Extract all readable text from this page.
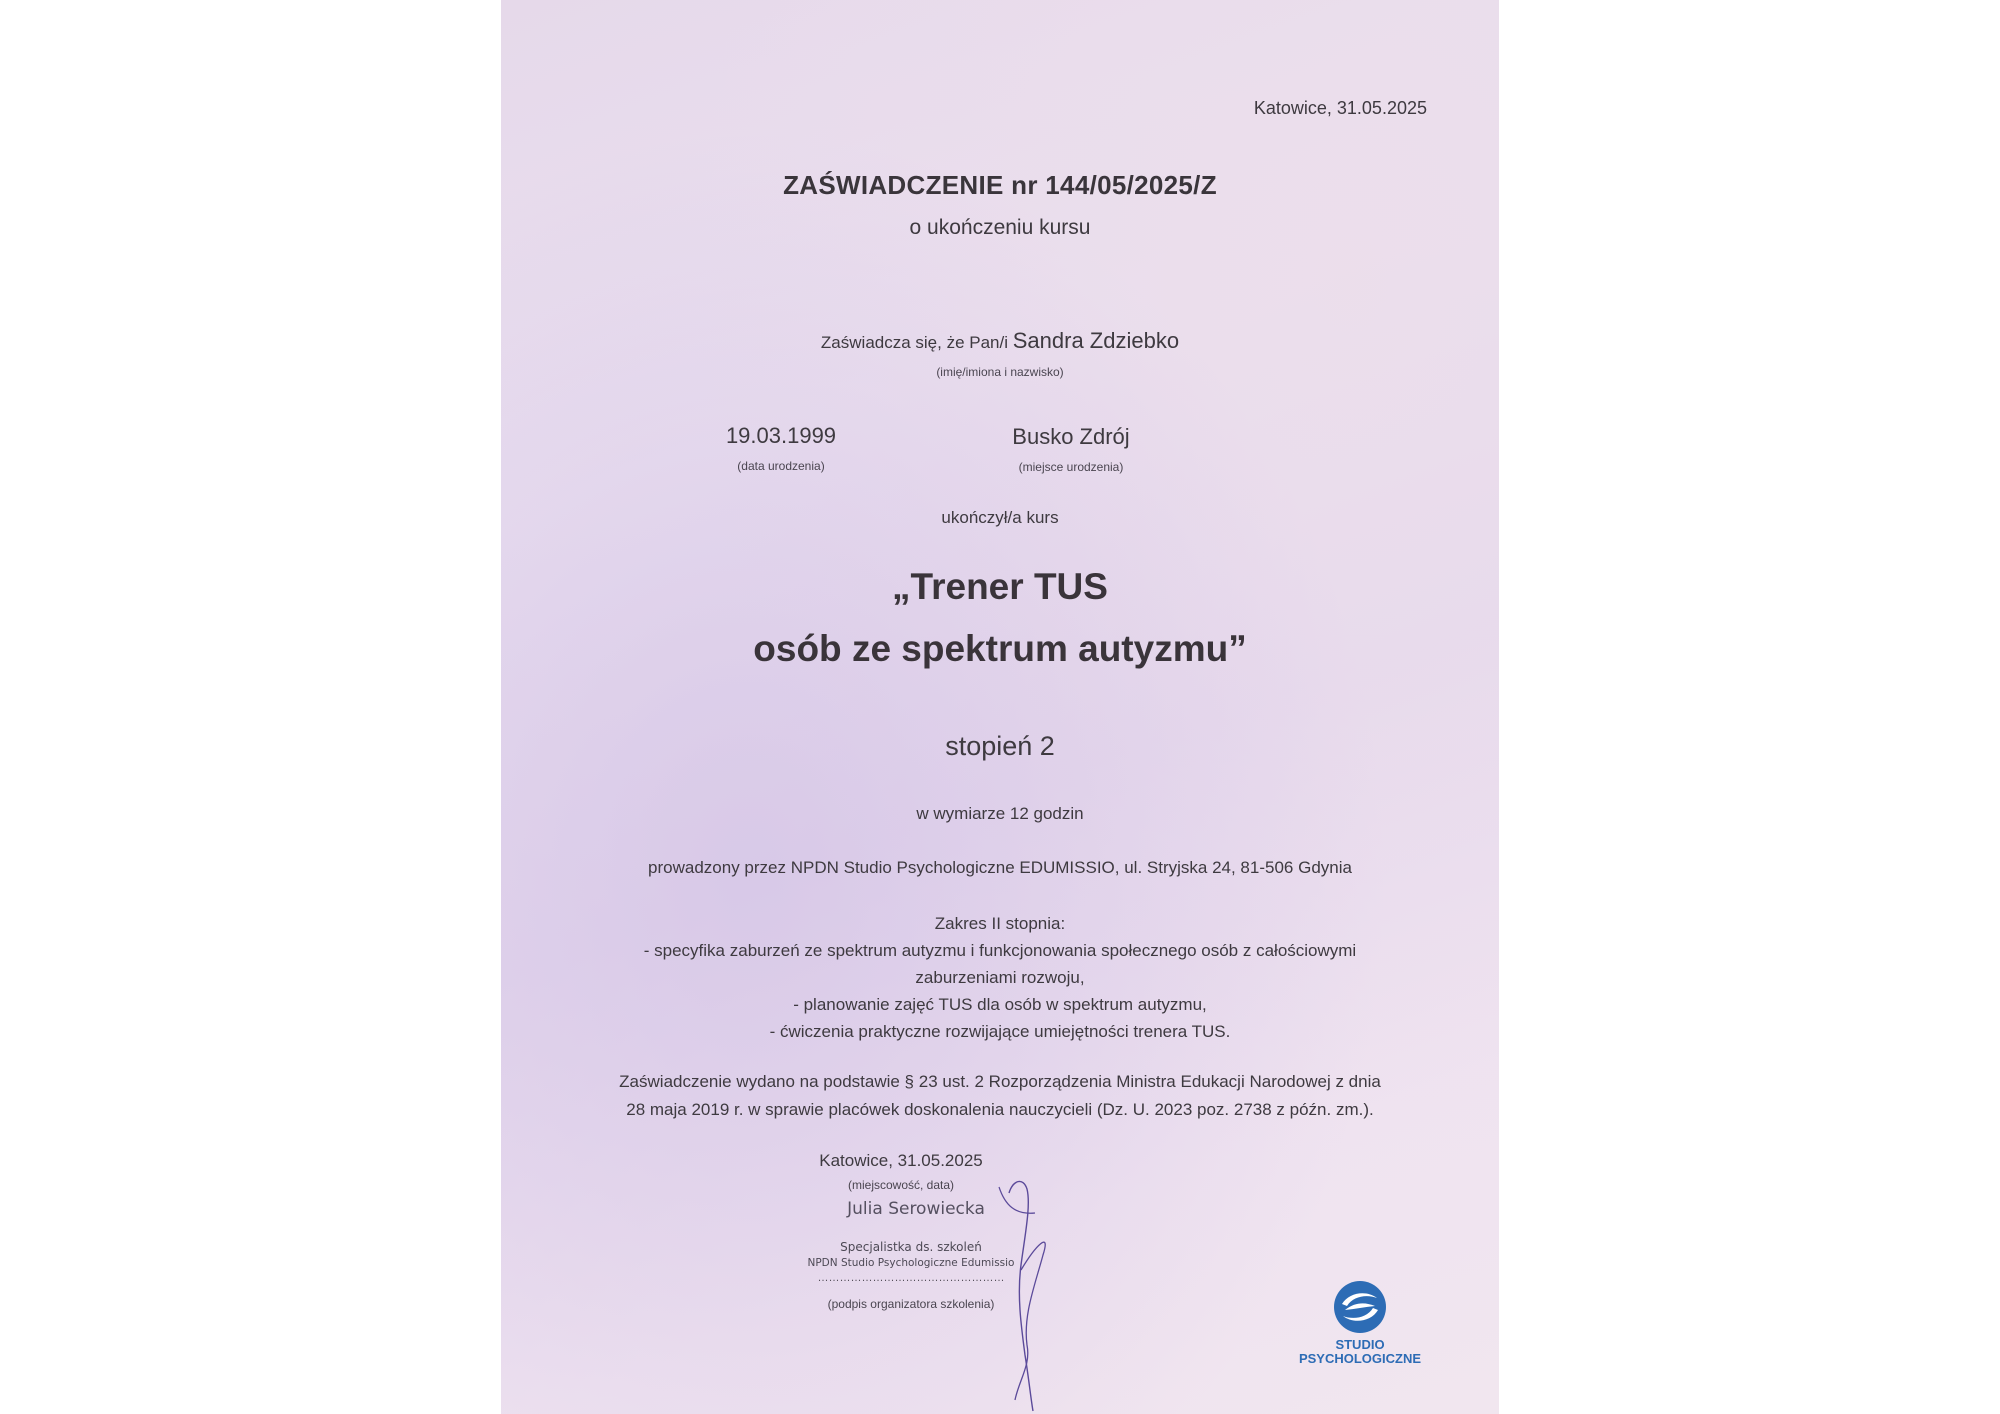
Katowice, 31.05.2025
ZAŚWIADCZENIE nr 144/05/2025/Z
o ukończeniu kursu
Zaświadcza się, że Pan/i Sandra Zdziebko
(imię/imiona i nazwisko)
19.03.1999
(data urodzenia)
Busko Zdrój
(miejsce urodzenia)
ukończył/a kurs
„Trener TUS
osób ze spektrum autyzmu”
stopień 2
w wymiarze 12 godzin
prowadzony przez NPDN Studio Psychologiczne EDUMISSIO, ul. Stryjska 24, 81-506 Gdynia
Zakres II stopnia:
- specyfika zaburzeń ze spektrum autyzmu i funkcjonowania społecznego osób z całościowymi
zaburzeniami rozwoju,
- planowanie zajęć TUS dla osób w spektrum autyzmu,
- ćwiczenia praktyczne rozwijające umiejętności trenera TUS.
Zaświadczenie wydano na podstawie § 23 ust. 2 Rozporządzenia Ministra Edukacji Narodowej z dnia
28 maja 2019 r. w sprawie placówek doskonalenia nauczycieli (Dz. U. 2023 poz. 2738 z późn. zm.).
Katowice, 31.05.2025
(miejscowość, data)
Julia Serowiecka
Specjalistka ds. szkoleń
NPDN Studio Psychologiczne Edumissio
……………………………………………
(podpis organizatora szkolenia)
STUDIO
PSYCHOLOGICZNE
